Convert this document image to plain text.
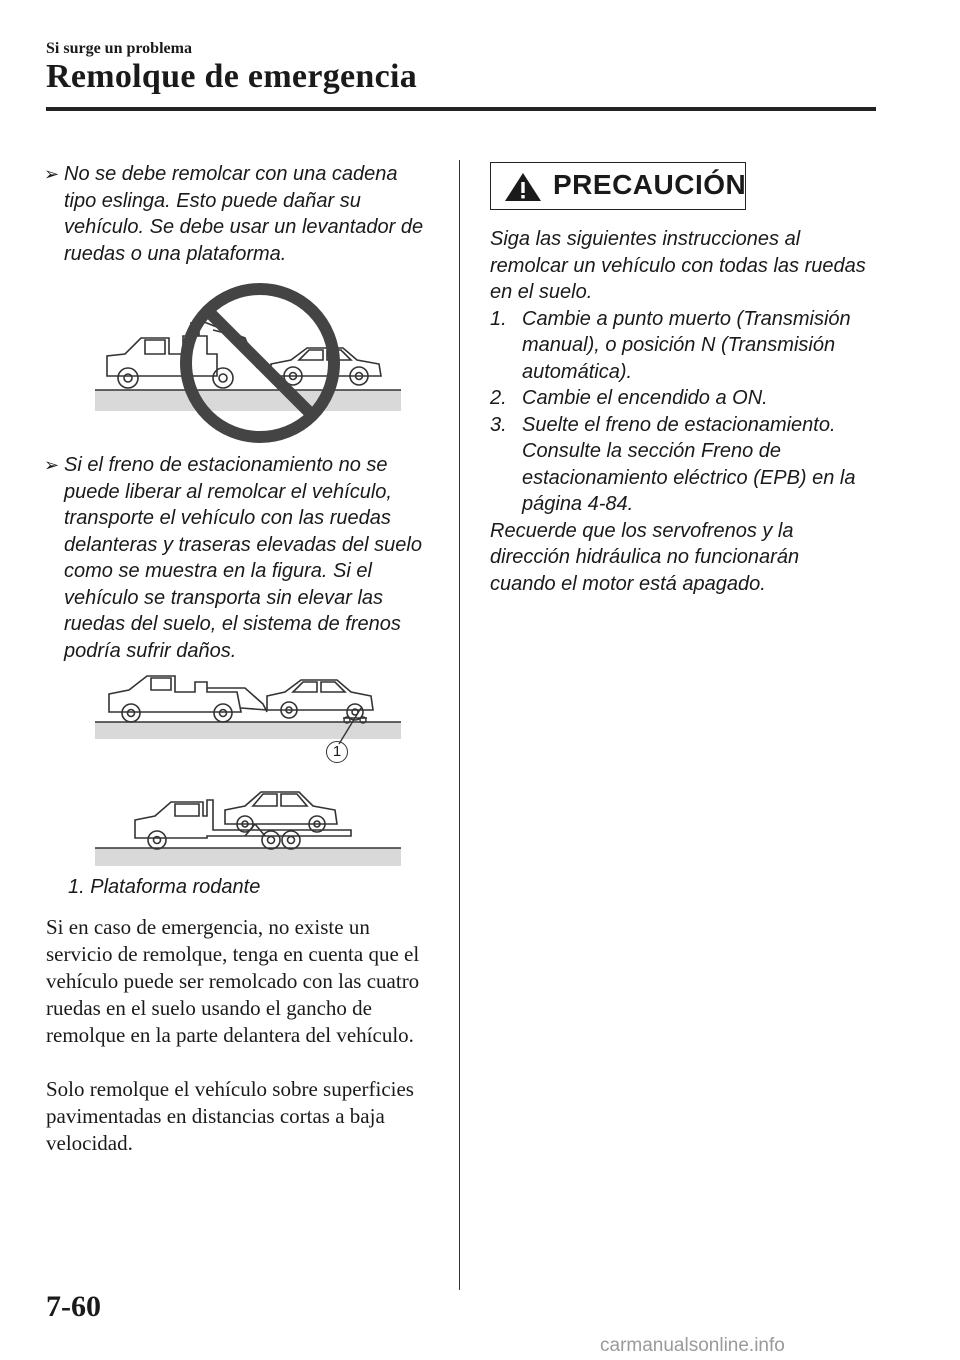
Si surge un problema
Remolque de emergencia
➢ No se debe remolcar con una cadena tipo eslinga. Esto puede dañar su vehículo. Se debe usar un levantador de ruedas o una plataforma.
➢ Si el freno de estacionamiento no se puede liberar al remolcar el vehículo, transporte el vehículo con las ruedas delanteras y traseras elevadas del suelo como se muestra en la figura. Si el vehículo se transporta sin elevar las ruedas del suelo, el sistema de frenos podría sufrir daños.
1
1. Plataforma rodante
Si en caso de emergencia, no existe un servicio de remolque, tenga en cuenta que el vehículo puede ser remolcado con las cuatro ruedas en el suelo usando el gancho de remolque en la parte delantera del vehículo.
Solo remolque el vehículo sobre superficies pavimentadas en distancias cortas a baja velocidad.
PRECAUCIÓN
Siga las siguientes instrucciones al remolcar un vehículo con todas las ruedas en el suelo.
1. Cambie a punto muerto (Transmisión manual), o posición N (Transmisión automática).
2. Cambie el encendido a ON.
3. Suelte el freno de estacionamiento. Consulte la sección Freno de estacionamiento eléctrico (EPB) en la página 4-84.
Recuerde que los servofrenos y la dirección hidráulica no funcionarán cuando el motor está apagado.
7-60
carmanualsonline.info
